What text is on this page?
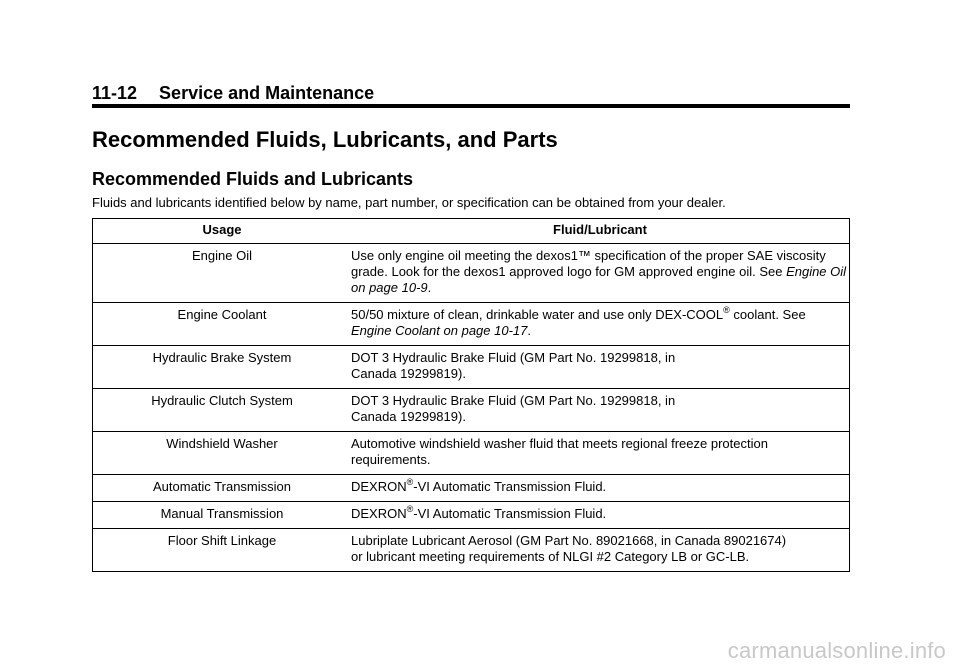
11-12 Service and Maintenance
Recommended Fluids, Lubricants, and Parts
Recommended Fluids and Lubricants
Fluids and lubricants identified below by name, part number, or specification can be obtained from your dealer.
Usage	Fluid/Lubricant
Engine Oil	Use only engine oil meeting the dexos1™ specification of the proper SAE viscosity grade. Look for the dexos1 approved logo for GM approved engine oil. See Engine Oil on page 10-9.
Engine Coolant	50/50 mixture of clean, drinkable water and use only DEX-COOL® coolant. See Engine Coolant on page 10-17.
Hydraulic Brake System	DOT 3 Hydraulic Brake Fluid (GM Part No. 19299818, in
Canada 19299819).

Hydraulic Clutch System	DOT 3 Hydraulic Brake Fluid (GM Part No. 19299818, in
Canada 19299819).

Windshield Washer	Automotive windshield washer fluid that meets regional freeze protection
requirements.

Automatic Transmission	DEXRON®-VI Automatic Transmission Fluid.
Manual Transmission	DEXRON®-VI Automatic Transmission Fluid.
Floor Shift Linkage	Lubriplate Lubricant Aerosol (GM Part No. 89021668, in Canada 89021674)
or lubricant meeting requirements of NLGI #2 Category LB or GC-LB.
carmanualsonline.info
